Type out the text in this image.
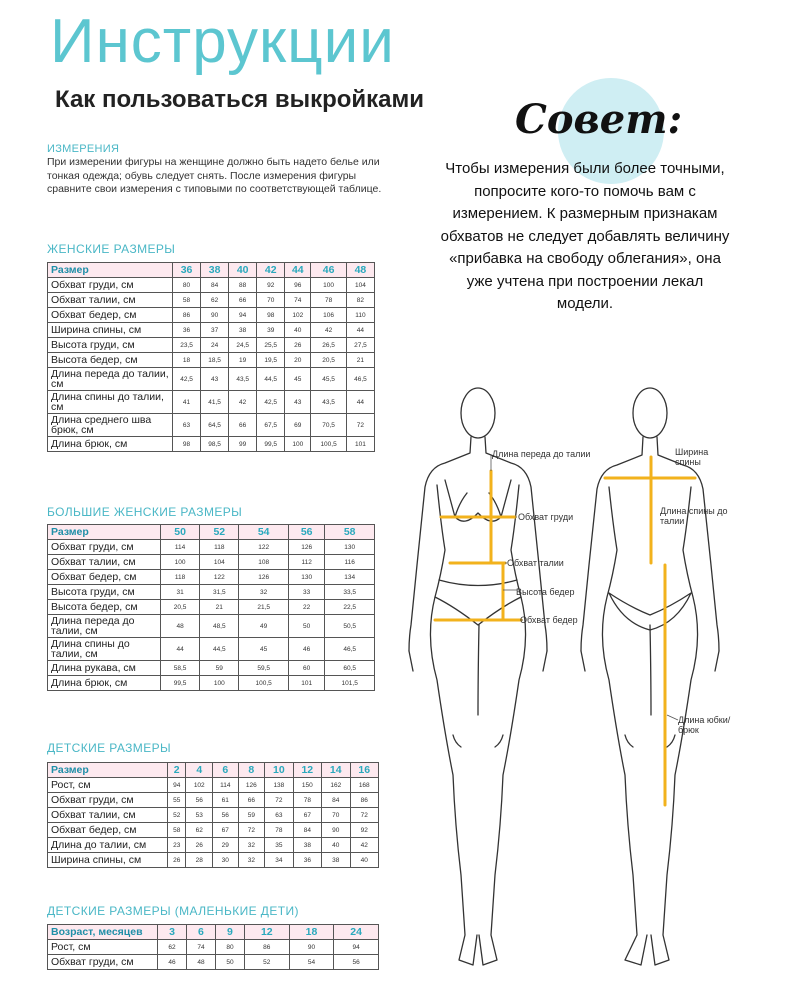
Инструкции
Как пользоваться выкройками
ИЗМЕРЕНИЯ

При измерении фигуры на женщине должно быть надето белье или тонкая одежда; обувь следует снять. После измерения фигуры сравните свои измерения с типовыми по соответствующей таблице.

Совет:

Чтобы измерения были более точными, попросите кого-то помочь вам с измерением. К размерным признакам обхватов не следует добавлять величину «прибавка на свободу облегания», она уже учтена при построении лекал модели.

ЖЕНСКИЕ РАЗМЕРЫ
Размер	36	38	40	42	44	46	48
Обхват груди, см	80	84	88	92	96	100	104
Обхват талии, см	58	62	66	70	74	78	82
Обхват бедер, см	86	90	94	98	102	106	110
Ширина спины, см	36	37	38	39	40	42	44
Высота груди, см	23,5	24	24,5	25,5	26	26,5	27,5
Высота бедер, см	18	18,5	19	19,5	20	20,5	21
Длина переда до талии, см	42,5	43	43,5	44,5	45	45,5	46,5
Длина спины до талии, см	41	41,5	42	42,5	43	43,5	44
Длина среднего шва брюк, см	63	64,5	66	67,5	69	70,5	72
Длина брюк, см	98	98,5	99	99,5	100	100,5	101
БОЛЬШИЕ ЖЕНСКИЕ РАЗМЕРЫ
Размер	50	52	54	56	58
Обхват груди, см	114	118	122	126	130
Обхват талии, см	100	104	108	112	116
Обхват бедер, см	118	122	126	130	134
Высота груди, см	31	31,5	32	33	33,5
Высота бедер, см	20,5	21	21,5	22	22,5
Длина переда до талии, см	48	48,5	49	50	50,5
Длина спины до талии, см	44	44,5	45	46	46,5
Длина рукава, см	58,5	59	59,5	60	60,5
Длина брюк, см	99,5	100	100,5	101	101,5
ДЕТСКИЕ РАЗМЕРЫ
Размер	2	4	6	8	10	12	14	16
Рост, см	94	102	114	126	138	150	162	168
Обхват груди, см	55	56	61	66	72	78	84	86
Обхват талии, см	52	53	56	59	63	67	70	72
Обхват бедер, см	58	62	67	72	78	84	90	92
Длина до талии, см	23	26	29	32	35	38	40	42
Ширина спины, см	26	28	30	32	34	36	38	40
ДЕТСКИЕ РАЗМЕРЫ (МАЛЕНЬКИЕ ДЕТИ)
Возраст, месяцев	3	6	9	12	18	24
Рост, см	62	74	80	86	90	94
Обхват груди, см	46	48	50	52	54	56
Длина переда до талии
Обхват груди
Обхват талии
Высота бедер
Обхват бедер
Ширина спины
Длина спины до талии
Длина юбки/брюк
